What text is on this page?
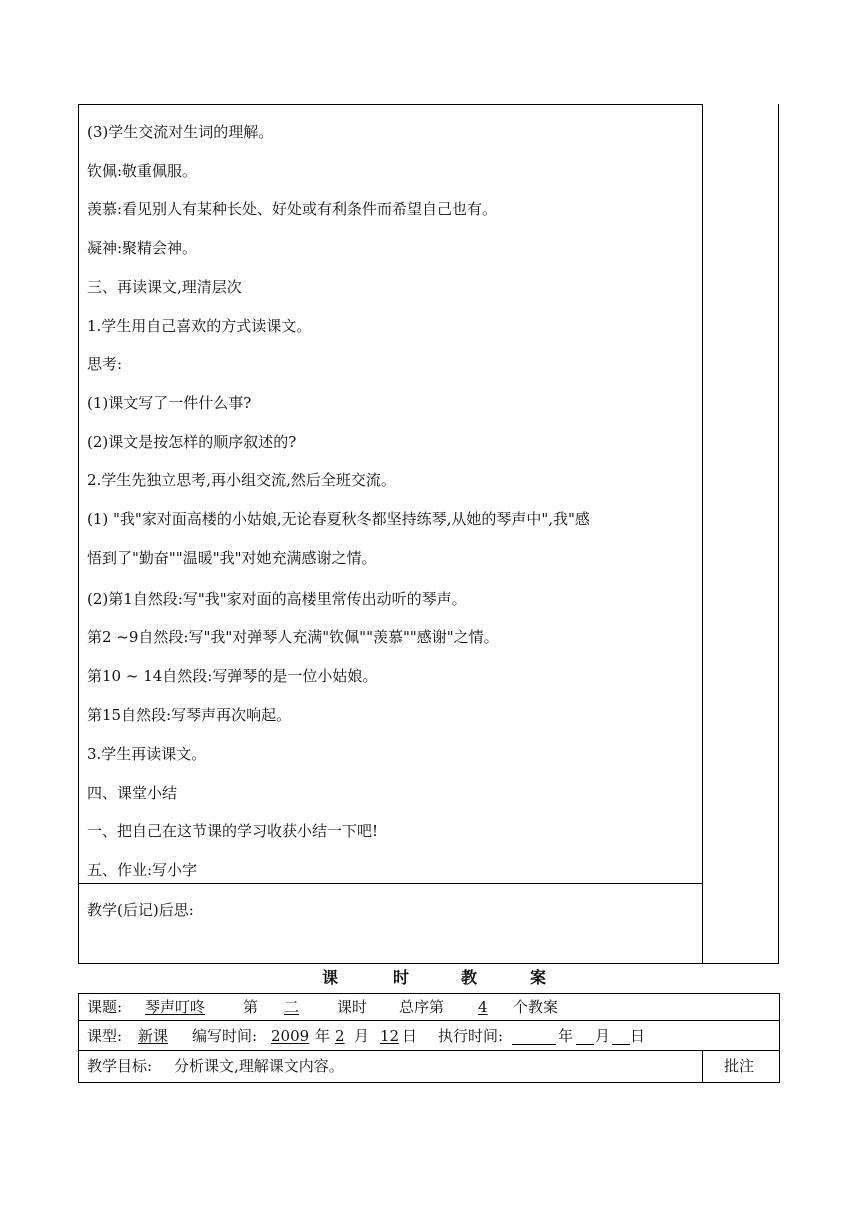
(3)学生交流对生词的理解。
钦佩:敬重佩服。
羡慕:看见别人有某种长处、好处或有利条件而希望自己也有。
凝神:聚精会神。
三、再读课文,理清层次
1.学生用自己喜欢的方式读课文。
思考:
(1)课文写了一件什么事?
(2)课文是按怎样的顺序叙述的?
2.学生先独立思考,再小组交流,然后全班交流。
(1) "我"家对面高楼的小姑娘,无论春夏秋冬都坚持练琴,从她的琴声中",我"感
悟到了"勤奋""温暖"我"对她充满感谢之情。
(2)第1自然段:写"我"家对面的高楼里常传出动听的琴声。
第2 ~9自然段:写"我"对弹琴人充满"钦佩""羡慕""感谢"之情。
第10 ~ 14自然段:写弹琴的是一位小姑娘。
第15自然段:写琴声再次响起。
3.学生再读课文。
四、课堂小结
一、把自己在这节课的学习收获小结一下吧!
五、作业:写小字
教学(后记)后思:
课	时	教	案
课题: 琴声叮咚	第 二	课时 总序第 4	个教案
课型: 新课 编写时间: 2009 年 2 月 12 日 执行时间:	年 月 日
教学目标: 分析课文,理解课文内容。	批注
